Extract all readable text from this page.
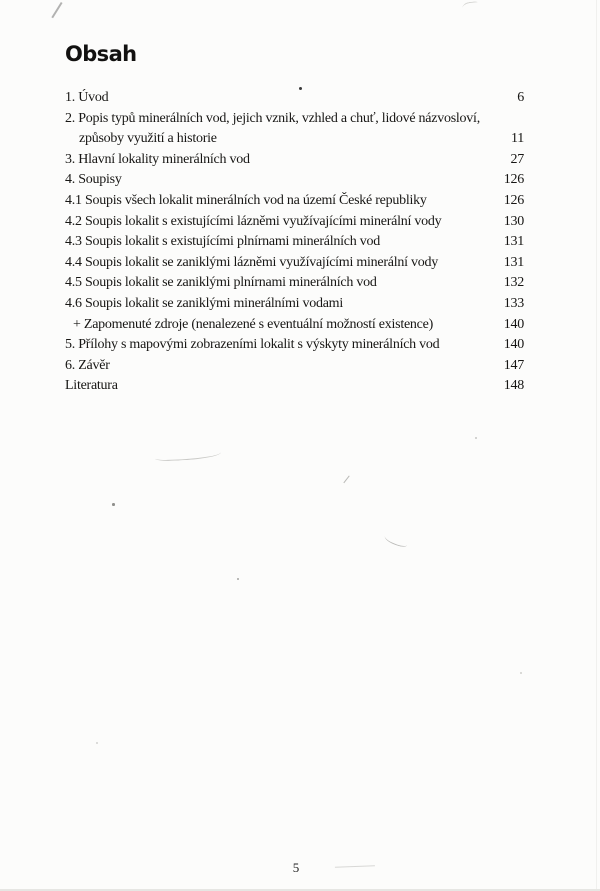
Obsah
1. Úvod	6
2. Popis typů minerálních vod, jejich vznik, vzhled a chuť, lidové názvosloví,
způsoby využití a historie	11
3. Hlavní lokality minerálních vod	27
4. Soupisy	126
4.1 Soupis všech lokalit minerálních vod na území České republiky	126
4.2 Soupis lokalit s existujícími lázněmi využívajícími minerální vody	130
4.3 Soupis lokalit s existujícími plnírnami minerálních vod	131
4.4 Soupis lokalit se zaniklými lázněmi využívajícími minerální vody	131
4.5 Soupis lokalit se zaniklými plnírnami minerálních vod	132
4.6 Soupis lokalit se zaniklými minerálními vodami	133
+ Zapomenuté zdroje (nenalezené s eventuální možností existence)	140
5. Přílohy s mapovými zobrazeními lokalit s výskyty minerálních vod	140
6. Závěr	147
Literatura	148
5
